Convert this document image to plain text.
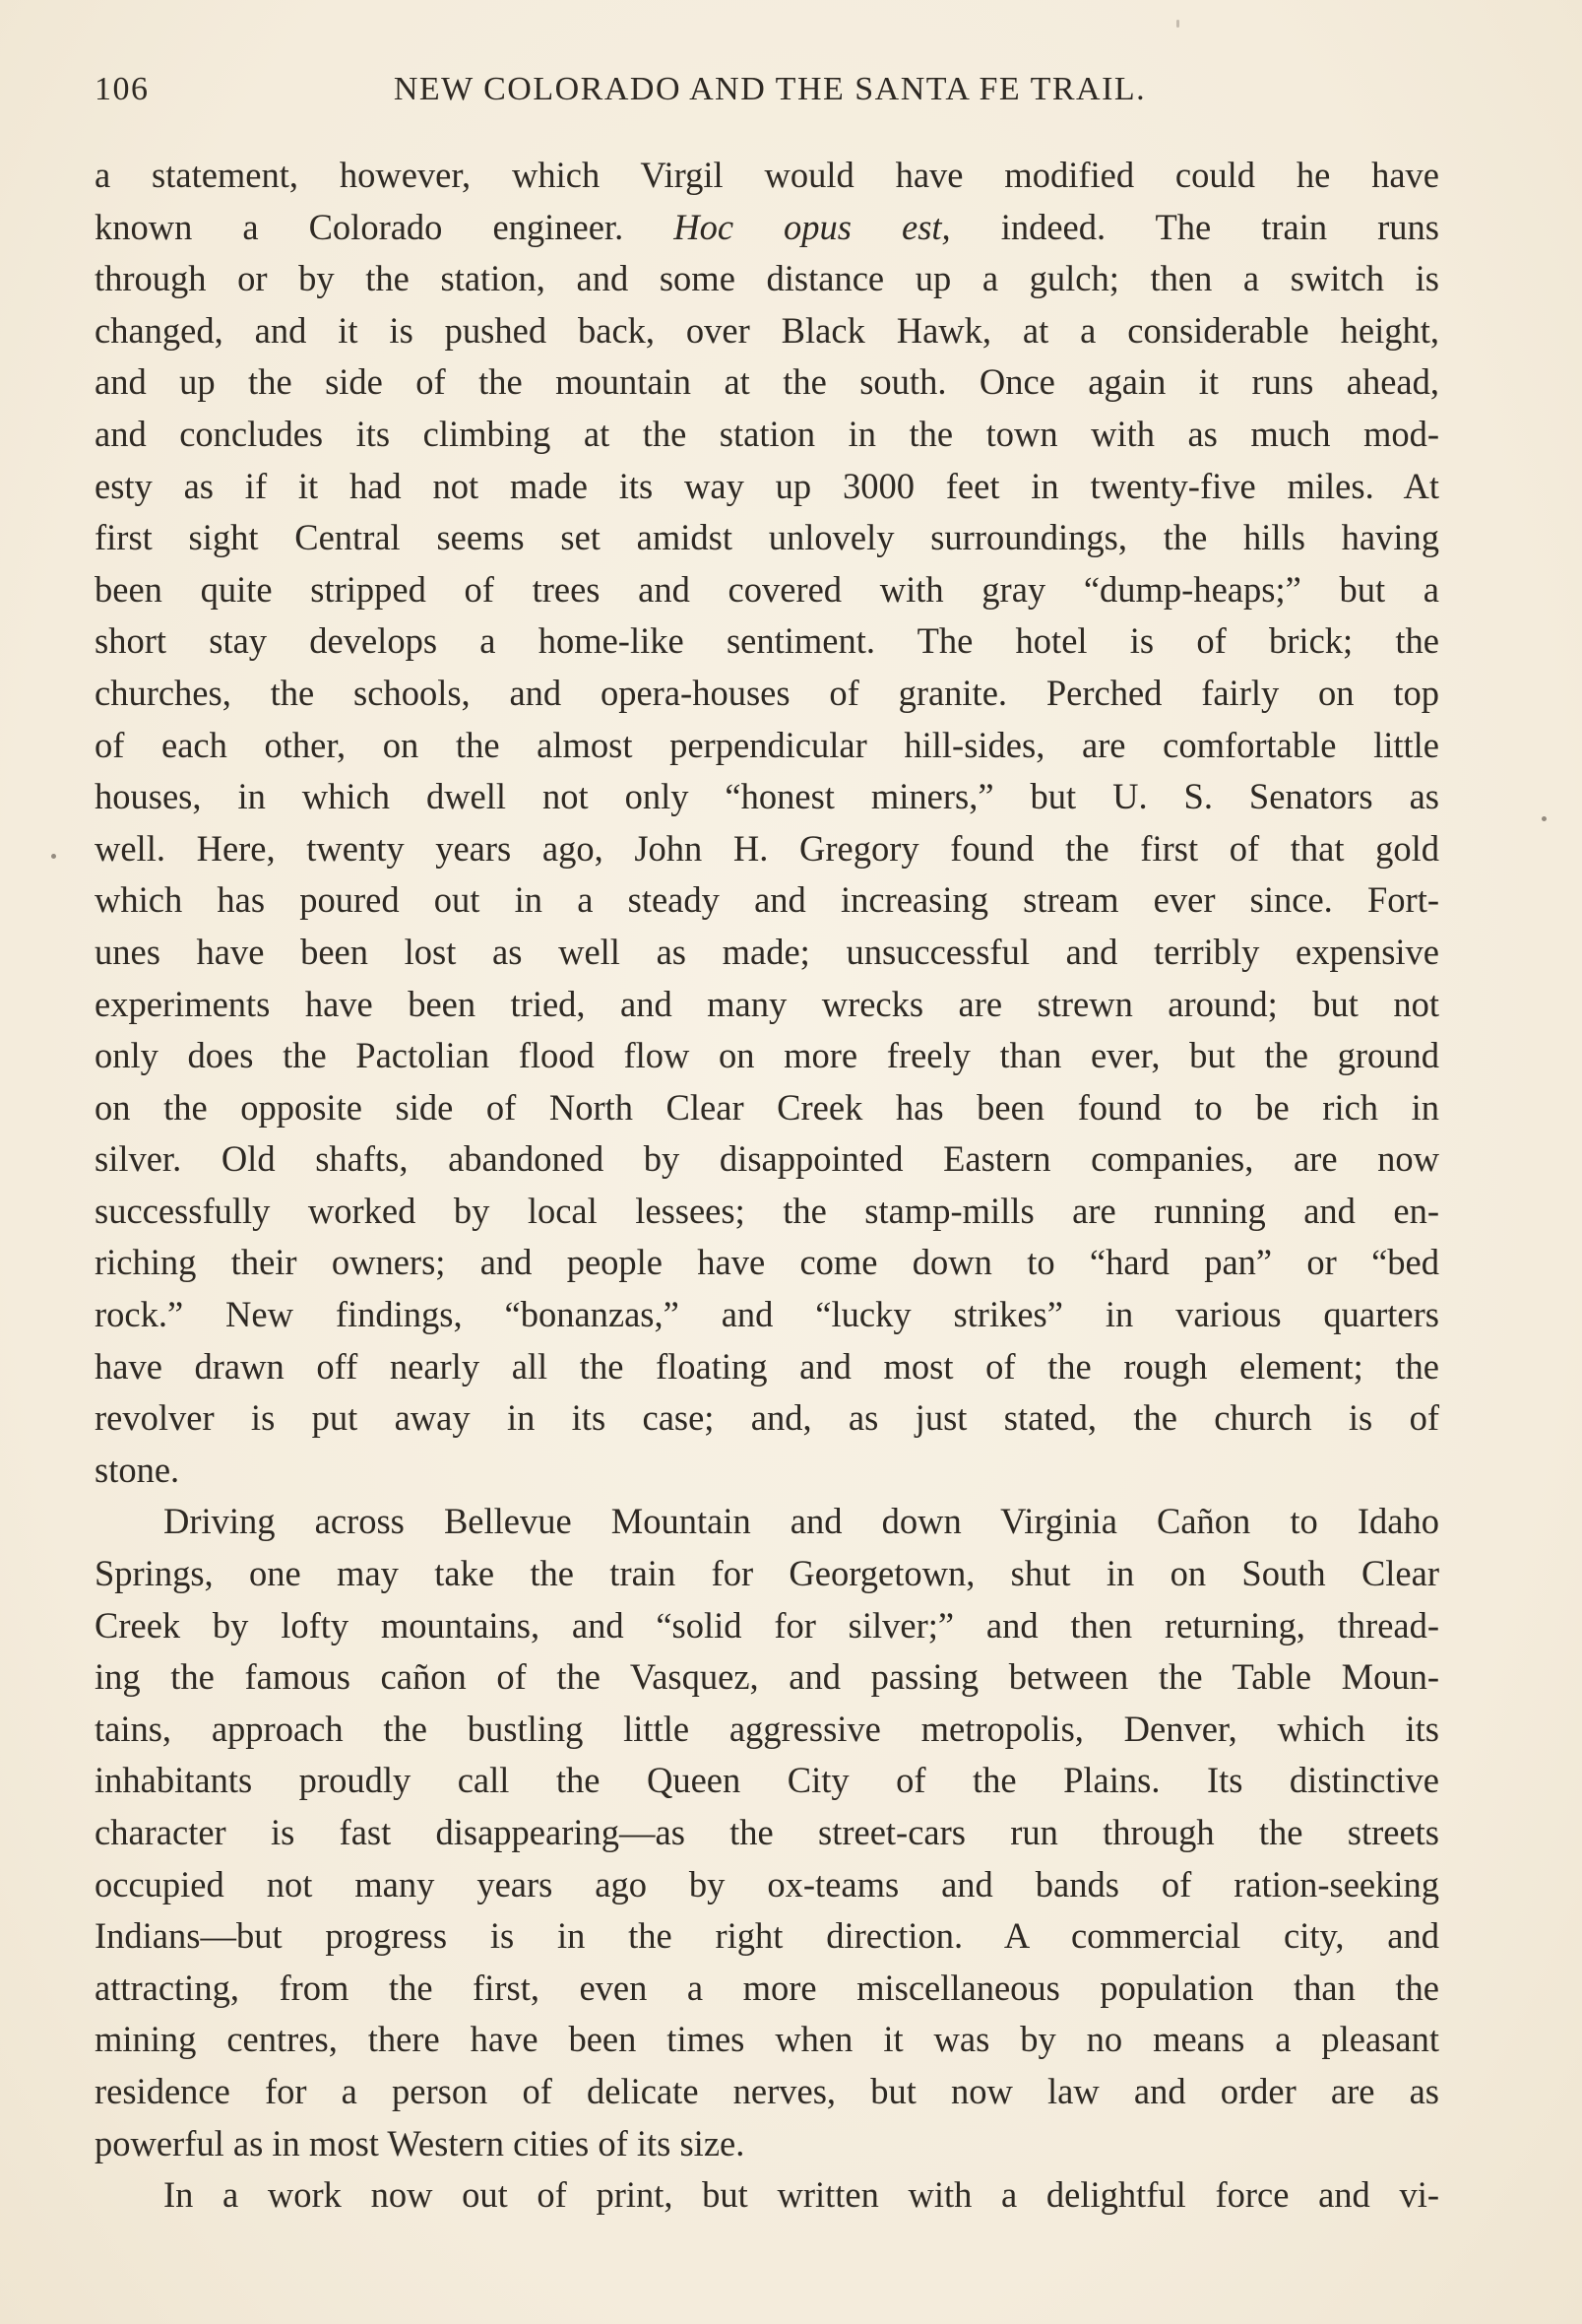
106	NEW COLORADO AND THE SANTA FE TRAIL.
a statement, however, which Virgil would have modified could he have
known a Colorado engineer. Hoc opus est, indeed. The train runs
through or by the station, and some distance up a gulch; then a switch is
changed, and it is pushed back, over Black Hawk, at a considerable height,
and up the side of the mountain at the south. Once again it runs ahead,
and concludes its climbing at the station in the town with as much mod-
esty as if it had not made its way up 3000 feet in twenty-five miles. At
first sight Central seems set amidst unlovely surroundings, the hills having
been quite stripped of trees and covered with gray “dump-heaps;” but a
short stay develops a home-like sentiment. The hotel is of brick; the
churches, the schools, and opera-houses of granite. Perched fairly on top
of each other, on the almost perpendicular hill-sides, are comfortable little
houses, in which dwell not only “honest miners,” but U. S. Senators as
well. Here, twenty years ago, John H. Gregory found the first of that gold
which has poured out in a steady and increasing stream ever since. Fort-
unes have been lost as well as made; unsuccessful and terribly expensive
experiments have been tried, and many wrecks are strewn around; but not
only does the Pactolian flood flow on more freely than ever, but the ground
on the opposite side of North Clear Creek has been found to be rich in
silver. Old shafts, abandoned by disappointed Eastern companies, are now
successfully worked by local lessees; the stamp-mills are running and en-
riching their owners; and people have come down to “hard pan” or “bed
rock.” New findings, “bonanzas,” and “lucky strikes” in various quarters
have drawn off nearly all the floating and most of the rough element; the
revolver is put away in its case; and, as just stated, the church is of
stone.
Driving across Bellevue Mountain and down Virginia Cañon to Idaho
Springs, one may take the train for Georgetown, shut in on South Clear
Creek by lofty mountains, and “solid for silver;” and then returning, thread-
ing the famous cañon of the Vasquez, and passing between the Table Moun-
tains, approach the bustling little aggressive metropolis, Denver, which its
inhabitants proudly call the Queen City of the Plains. Its distinctive
character is fast disappearing—as the street-cars run through the streets
occupied not many years ago by ox-teams and bands of ration-seeking
Indians—but progress is in the right direction. A commercial city, and
attracting, from the first, even a more miscellaneous population than the
mining centres, there have been times when it was by no means a pleasant
residence for a person of delicate nerves, but now law and order are as
powerful as in most Western cities of its size.
In a work now out of print, but written with a delightful force and vi-
